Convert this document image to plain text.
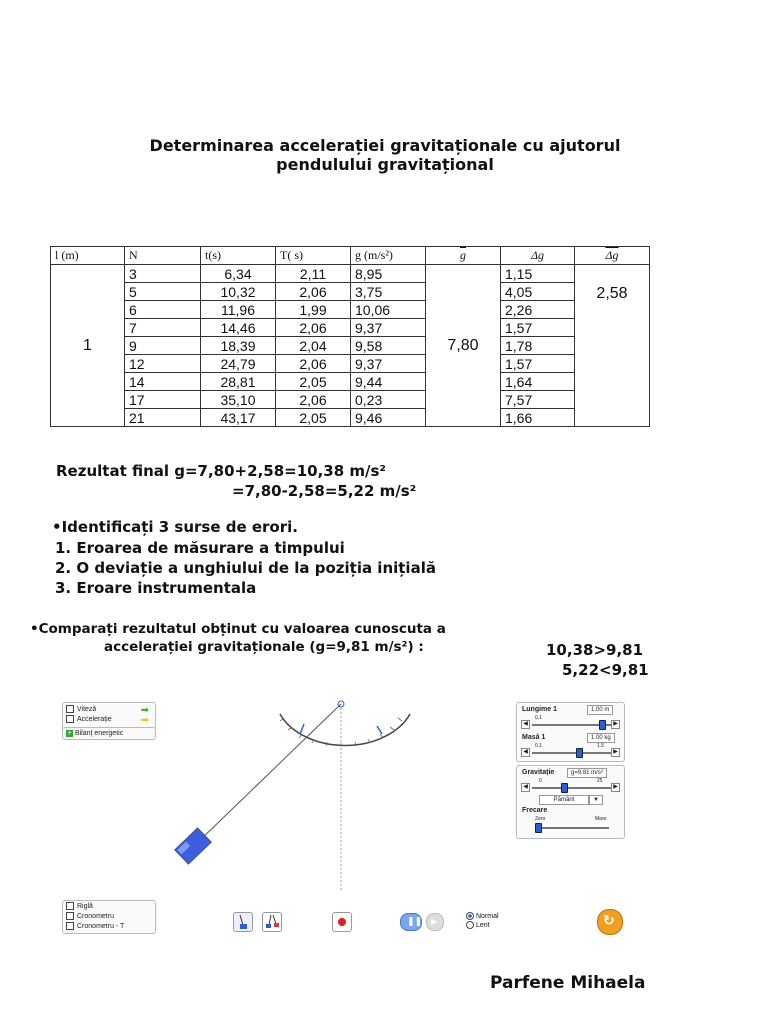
Determinarea accelerației gravitaționale cu ajutorul
pendulului gravitațional
l (m)	N	t(s)	T( s)	g (m/s²)	$\overline{g}$	Δg	$\overline{\Delta g}$
1	3	6,34	2,11	8,95	7,80	1,15	2,58
	5	10,32	2,06	3,75		4,05	
	6	11,96	1,99	10,06		2,26	
	7	14,46	2,06	9,37		1,57	
	9	18,39	2,04	9,58		1,78	
	12	24,79	2,06	9,37		1,57	
	14	28,81	2,05	9,44		1,64	
	17	35,10	2,06	0,23		7,57	
	21	43,17	2,05	9,46		1,66	
Rezultat final g=7,80+2,58=10,38 m/s²
=7,80-2,58=5,22 m/s²
•Identificați 3 surse de erori.
1. Eroarea de măsurare a timpului
2. O deviație a unghiului de la poziția inițială
3. Eroare instrumentala
•Comparați rezultatul obținut cu valoarea cunoscuta a
accelerației gravitaționale (g=9,81 m/s²) :	10,38>9,81
5,22<9,81
Viteză	➡
Accelerație	➡
+ Bilanț energetic
Lungime 1	1.00 m
0.1
◀	▶
Masă 1	1.00 kg
0.1	1.5
◀	▶
Gravitație	g=9.81 m/s²
0	25
◀	▶
Pământ	▼
Frecare
Zero	Mare
Riglă
Cronometru
Cronometru - T	❚❚ ▶
Normal
Lent	↻
Parfene Mihaela
